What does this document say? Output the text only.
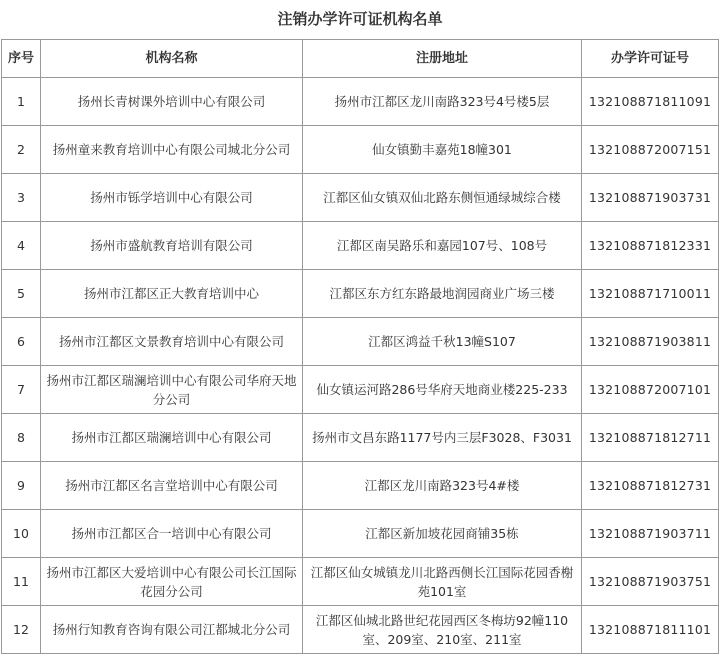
注销办学许可证机构名单
序号	机构名称	注册地址	办学许可证号
1	扬州长青树课外培训中心有限公司	扬州市江都区龙川南路323号4号楼5层	132108871811091
2	扬州童来教育培训中心有限公司城北分公司	仙女镇勤丰嘉苑18幢301	132108872007151
3	扬州市铄学培训中心有限公司	江都区仙女镇双仙北路东侧恒通绿城综合楼	132108871903731
4	扬州市盛航教育培训有限公司	江都区南吴路乐和嘉园107号、108号	132108871812331
5	扬州市江都区正大教育培训中心	江都区东方红东路最地润园商业广场三楼	132108871710011
6	扬州市江都区文景教育培训中心有限公司	江都区鸿益千秋13幢S107	132108871903811
7	扬州市江都区瑞澜培训中心有限公司华府天地分公司	仙女镇运河路286号华府天地商业楼225-233	132108872007101
8	扬州市江都区瑞澜培训中心有限公司	扬州市文昌东路1177号内三层F3028、F3031	132108871812711
9	扬州市江都区名言堂培训中心有限公司	江都区龙川南路323号4#楼	132108871812731
10	扬州市江都区合一培训中心有限公司	江都区新加坡花园商铺35栋	132108871903711
11	扬州市江都区大爱培训中心有限公司长江国际花园分公司	江都区仙女城镇龙川北路西侧长江国际花园香榭苑101室	132108871903751
12	扬州行知教育咨询有限公司江都城北分公司	江都区仙城北路世纪花园西区冬梅坊92幢110室、209室、210室、211室	132108871811101
